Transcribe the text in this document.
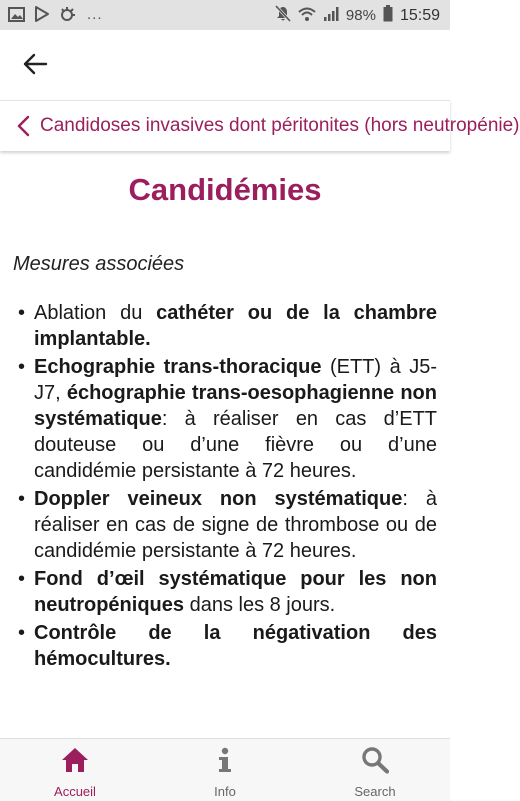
...	98% 15:59
Candidoses invasives dont péritonites (hors neutropénie)
Candidémies
Mesures associées
• Ablation du cathéter ou de la chambre implantable.
• Echographie trans-thoracique (ETT) à J5-J7, échographie trans-oesophagienne non systématique: à réaliser en cas d’ETT douteuse ou d’une fièvre ou d’une candidémie persistante à 72 heures.
• Doppler veineux non systématique: à réaliser en cas de signe de thrombose ou de candidémie persistante à 72 heures.
• Fond d’œil systématique pour les non neutropéniques dans les 8 jours.
• Contrôle de la négativation des hémocultures.
Accueil	Info	Search
